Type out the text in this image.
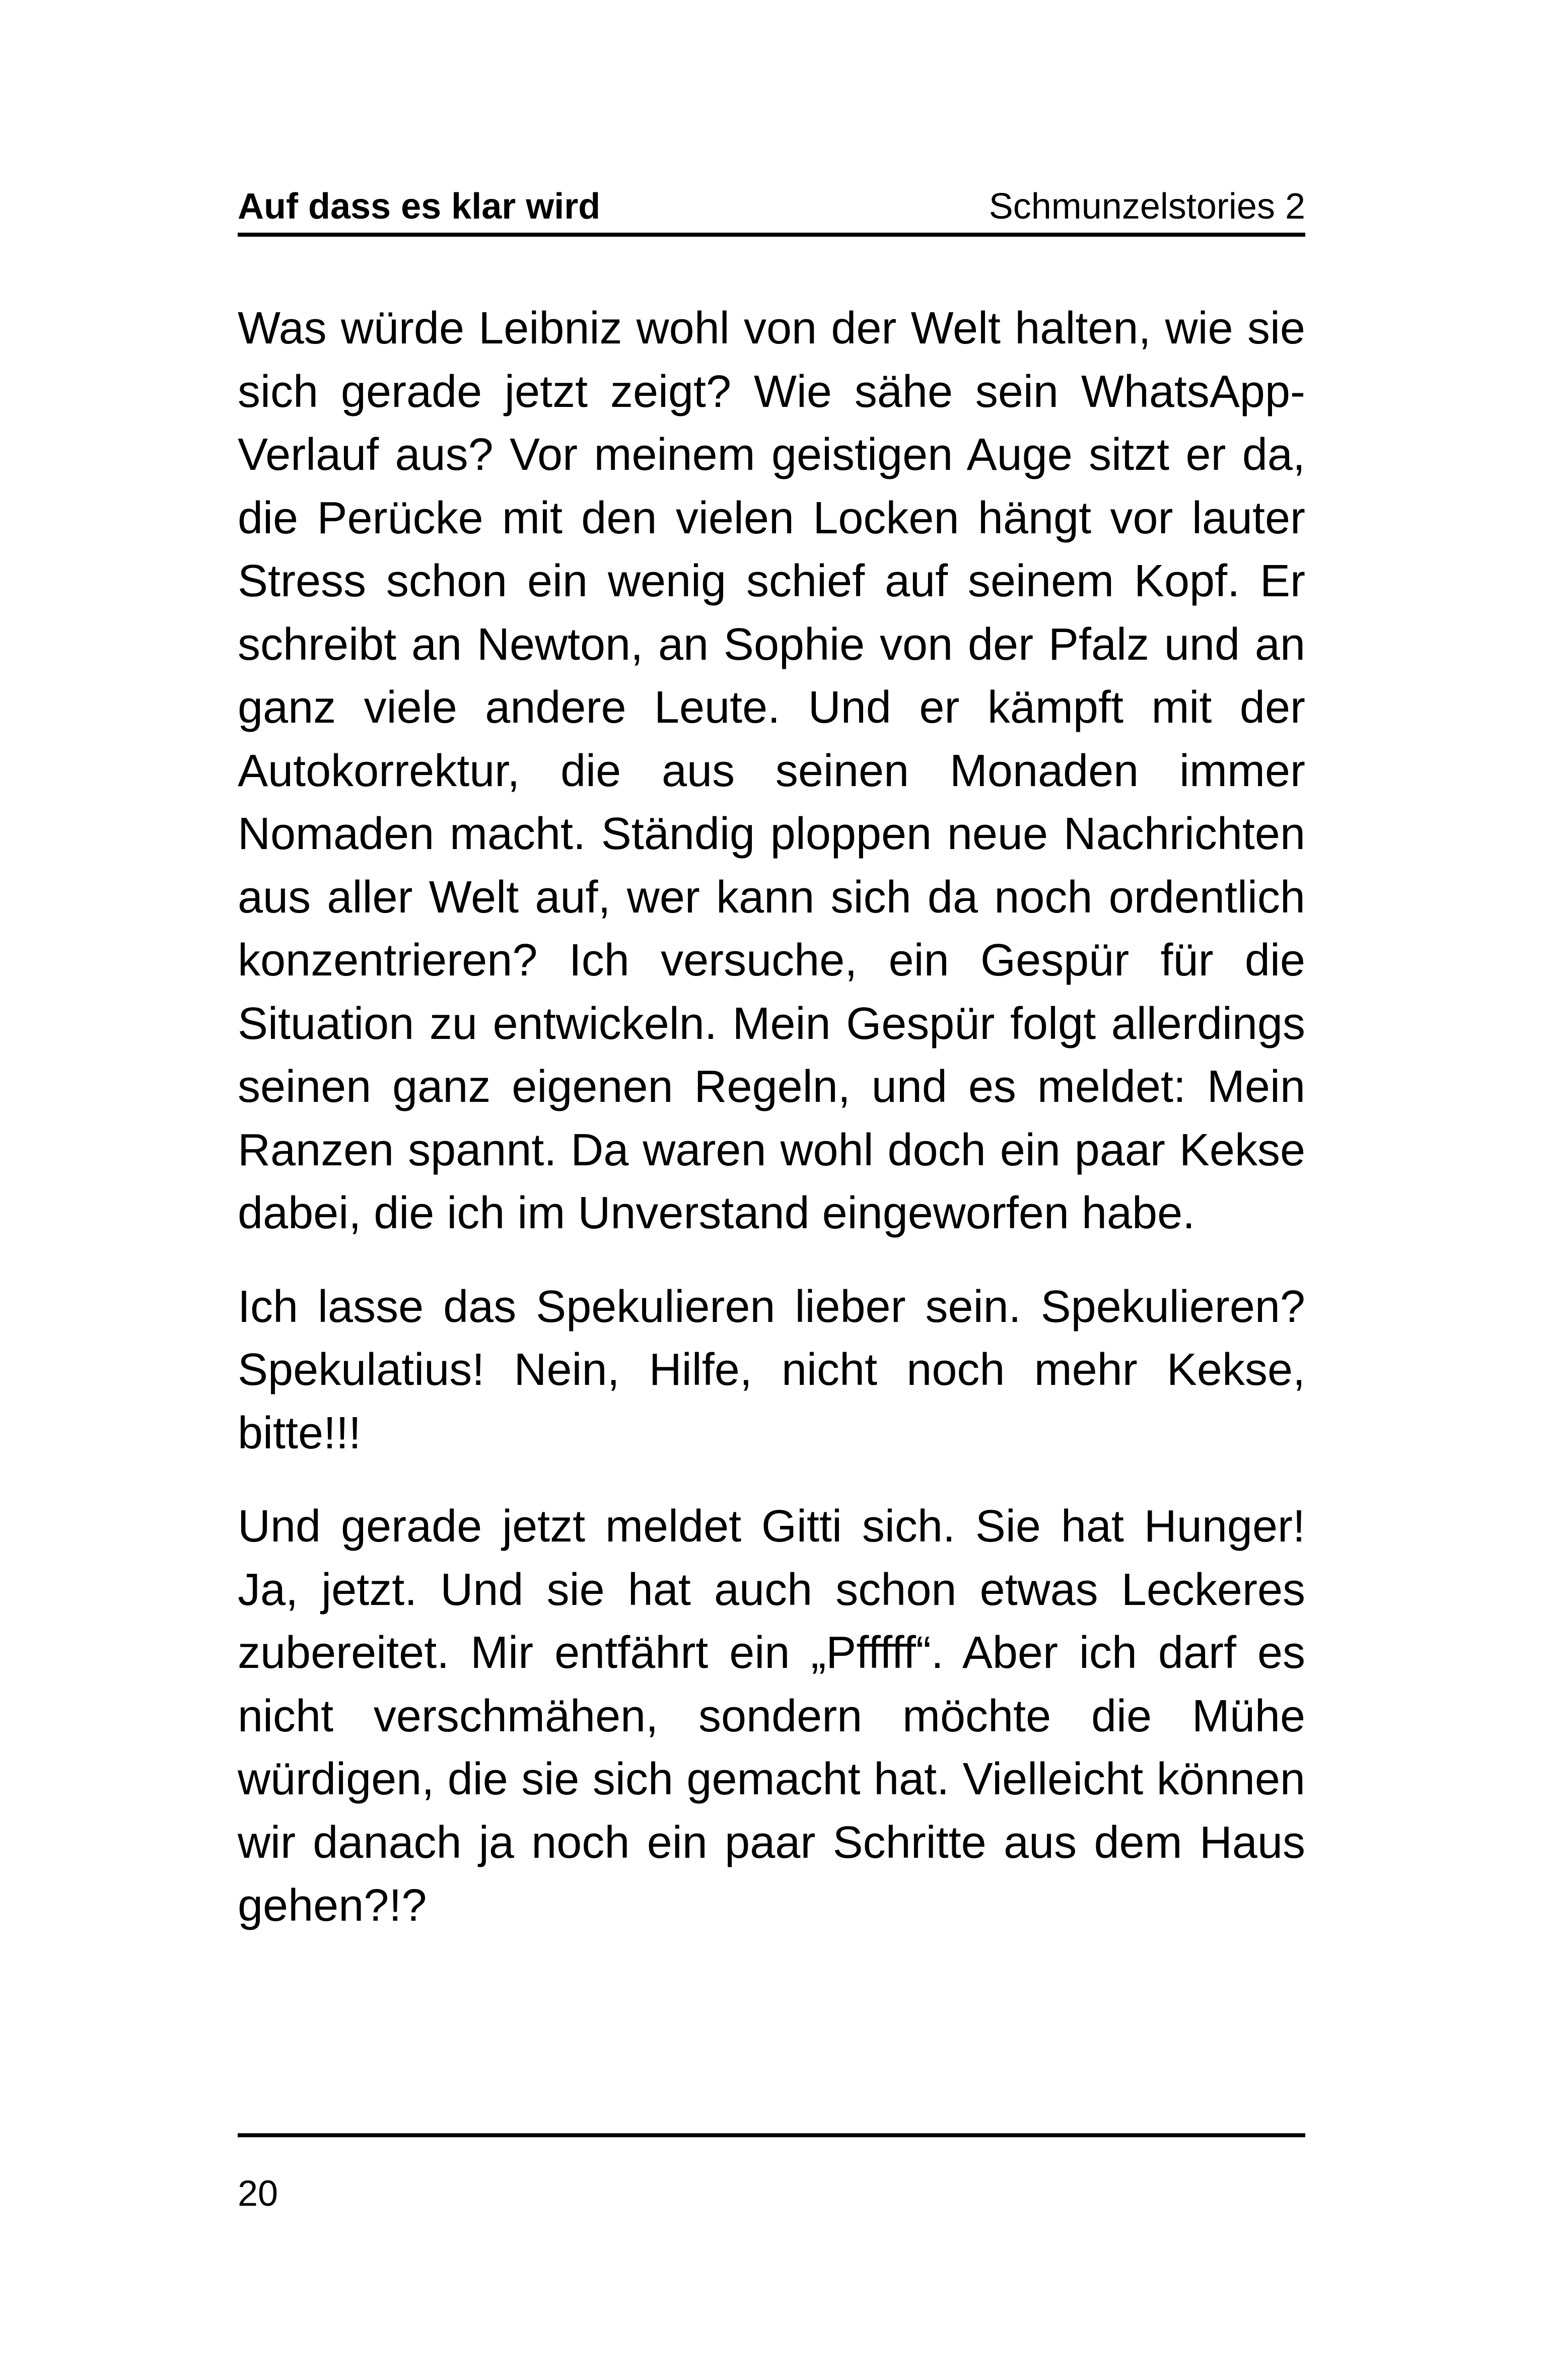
Auf dass es klar wird	Schmunzelstories 2

Was würde Leibniz wohl von der Welt halten, wie sie sich gerade jetzt zeigt? Wie sähe sein WhatsApp-Verlauf aus? Vor meinem geistigen Auge sitzt er da, die Perücke mit den vielen Locken hängt vor lauter Stress schon ein wenig schief auf seinem Kopf. Er schreibt an Newton, an Sophie von der Pfalz und an ganz viele andere Leute. Und er kämpft mit der Autokorrektur, die aus seinen Monaden immer Nomaden macht. Ständig ploppen neue Nachrichten aus aller Welt auf, wer kann sich da noch ordentlich konzentrieren? Ich versuche, ein Gespür für die Situation zu entwickeln. Mein Gespür folgt allerdings seinen ganz eigenen Regeln, und es meldet: Mein Ranzen spannt. Da waren wohl doch ein paar Kekse dabei, die ich im Unverstand eingeworfen habe.

Ich lasse das Spekulieren lieber sein. Spekulieren? Spekulatius! Nein, Hilfe, nicht noch mehr Kekse, bitte!!!

Und gerade jetzt meldet Gitti sich. Sie hat Hunger! Ja, jetzt. Und sie hat auch schon etwas Leckeres zubereitet. Mir entfährt ein „Pfffff“. Aber ich darf es nicht verschmähen, sondern möchte die Mühe würdigen, die sie sich gemacht hat. Vielleicht können wir danach ja noch ein paar Schritte aus dem Haus gehen?!?

20
